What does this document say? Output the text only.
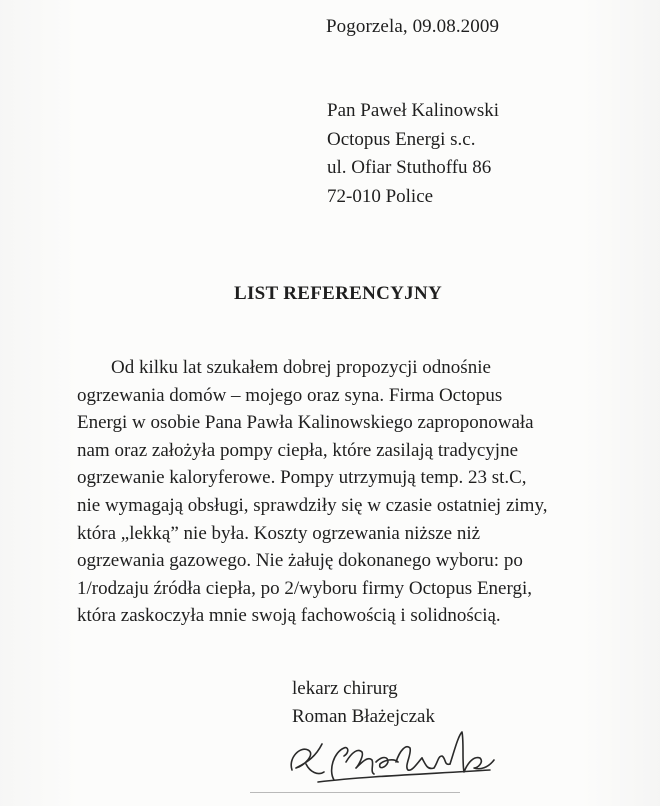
Pogorzela, 09.08.2009
Pan Paweł Kalinowski
Octopus Energi s.c.
ul. Ofiar Stuthoffu 86
72-010 Police
LIST REFERENCYJNY
Od kilku lat szukałem dobrej propozycji odnośnie
ogrzewania domów – mojego oraz syna. Firma Octopus
Energi w osobie Pana Pawła Kalinowskiego zaproponowała
nam oraz założyła pompy ciepła, które zasilają tradycyjne
ogrzewanie kaloryferowe. Pompy utrzymują temp. 23 st.C,
nie wymagają obsługi, sprawdziły się w czasie ostatniej zimy,
która „lekką” nie była. Koszty ogrzewania niższe niż
ogrzewania gazowego. Nie żałuję dokonanego wyboru: po
1/rodzaju źródła ciepła, po 2/wyboru firmy Octopus Energi,
która zaskoczyła mnie swoją fachowością i solidnością.
lekarz chirurg
Roman Błażejczak
